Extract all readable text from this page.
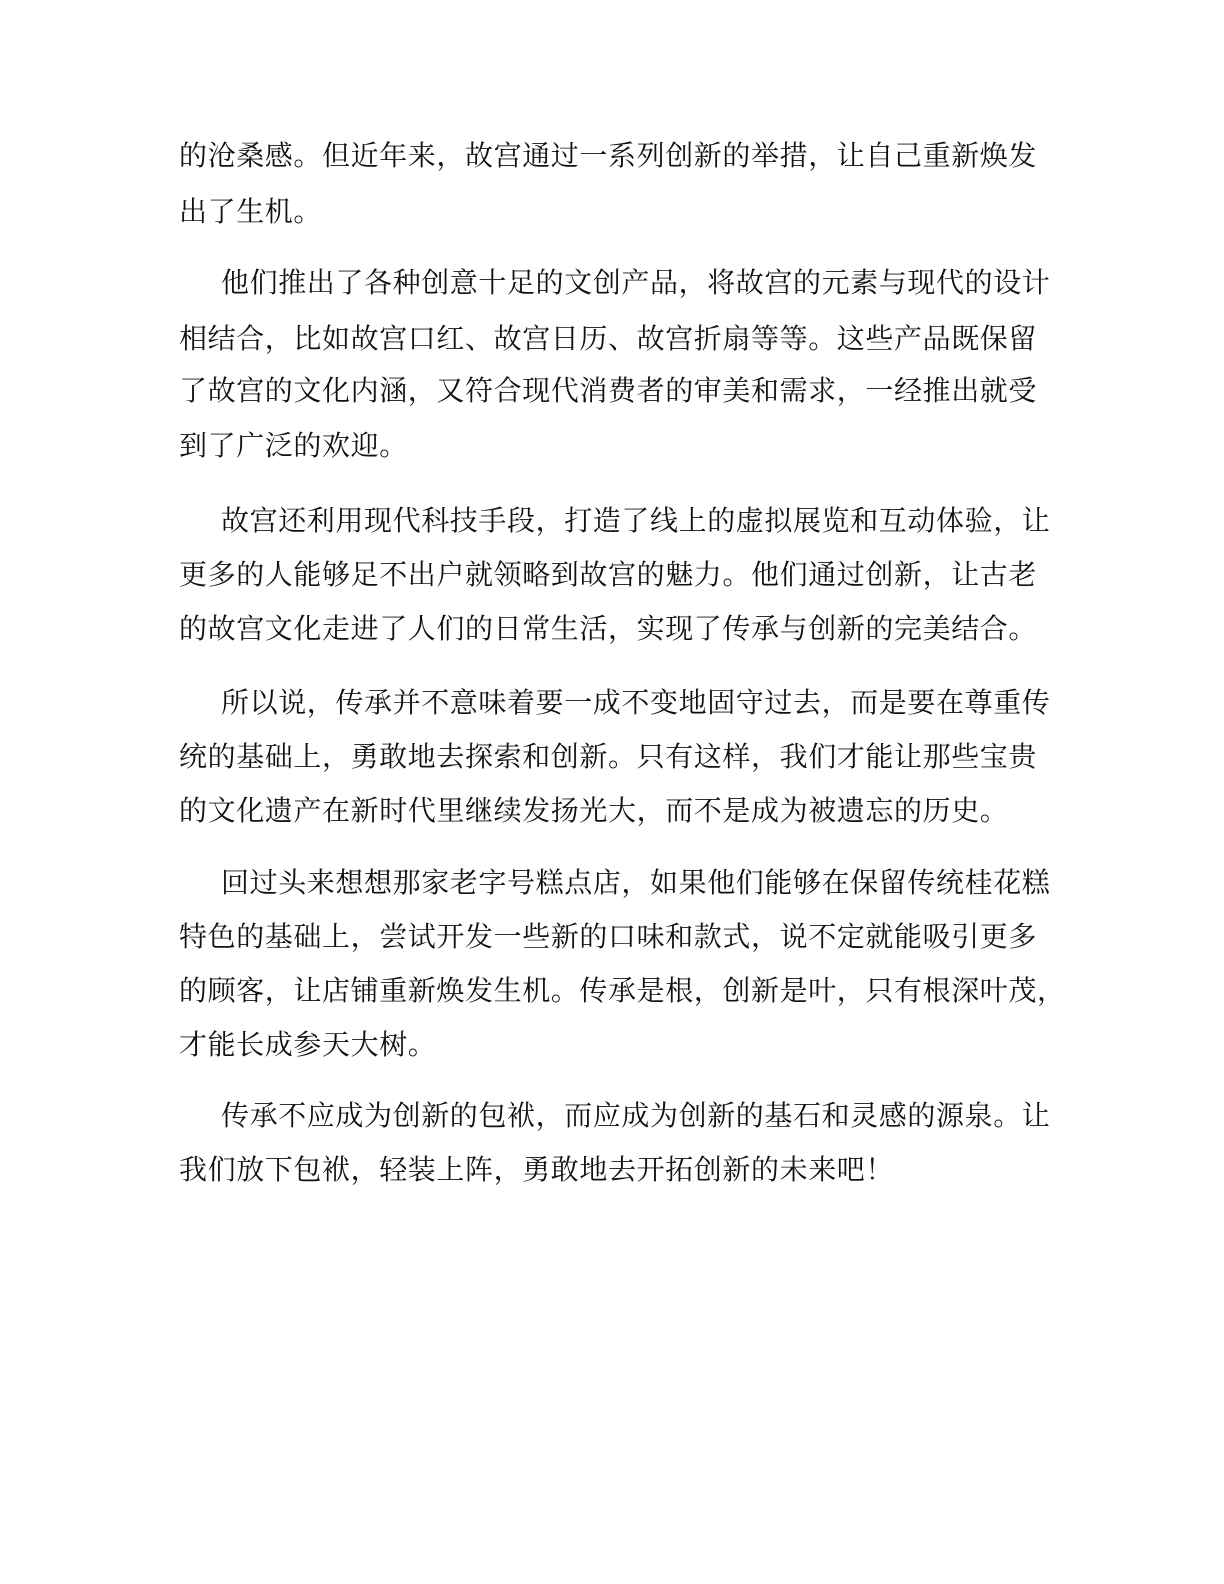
的沧桑感。但近年来，故宫通过一系列创新的举措，让自己重新焕发
出了生机。
他们推出了各种创意十足的文创产品，将故宫的元素与现代的设计
相结合，比如故宫口红、故宫日历、故宫折扇等等。这些产品既保留
了故宫的文化内涵，又符合现代消费者的审美和需求，一经推出就受
到了广泛的欢迎。
故宫还利用现代科技手段，打造了线上的虚拟展览和互动体验，让
更多的人能够足不出户就领略到故宫的魅力。他们通过创新，让古老
的故宫文化走进了人们的日常生活，实现了传承与创新的完美结合。
所以说，传承并不意味着要一成不变地固守过去，而是要在尊重传
统的基础上，勇敢地去探索和创新。只有这样，我们才能让那些宝贵
的文化遗产在新时代里继续发扬光大，而不是成为被遗忘的历史。
回过头来想想那家老字号糕点店，如果他们能够在保留传统桂花糕
特色的基础上，尝试开发一些新的口味和款式，说不定就能吸引更多
的顾客，让店铺重新焕发生机。传承是根，创新是叶，只有根深叶茂，
才能长成参天大树。
传承不应成为创新的包袱，而应成为创新的基石和灵感的源泉。让
我们放下包袱，轻装上阵，勇敢地去开拓创新的未来吧！
